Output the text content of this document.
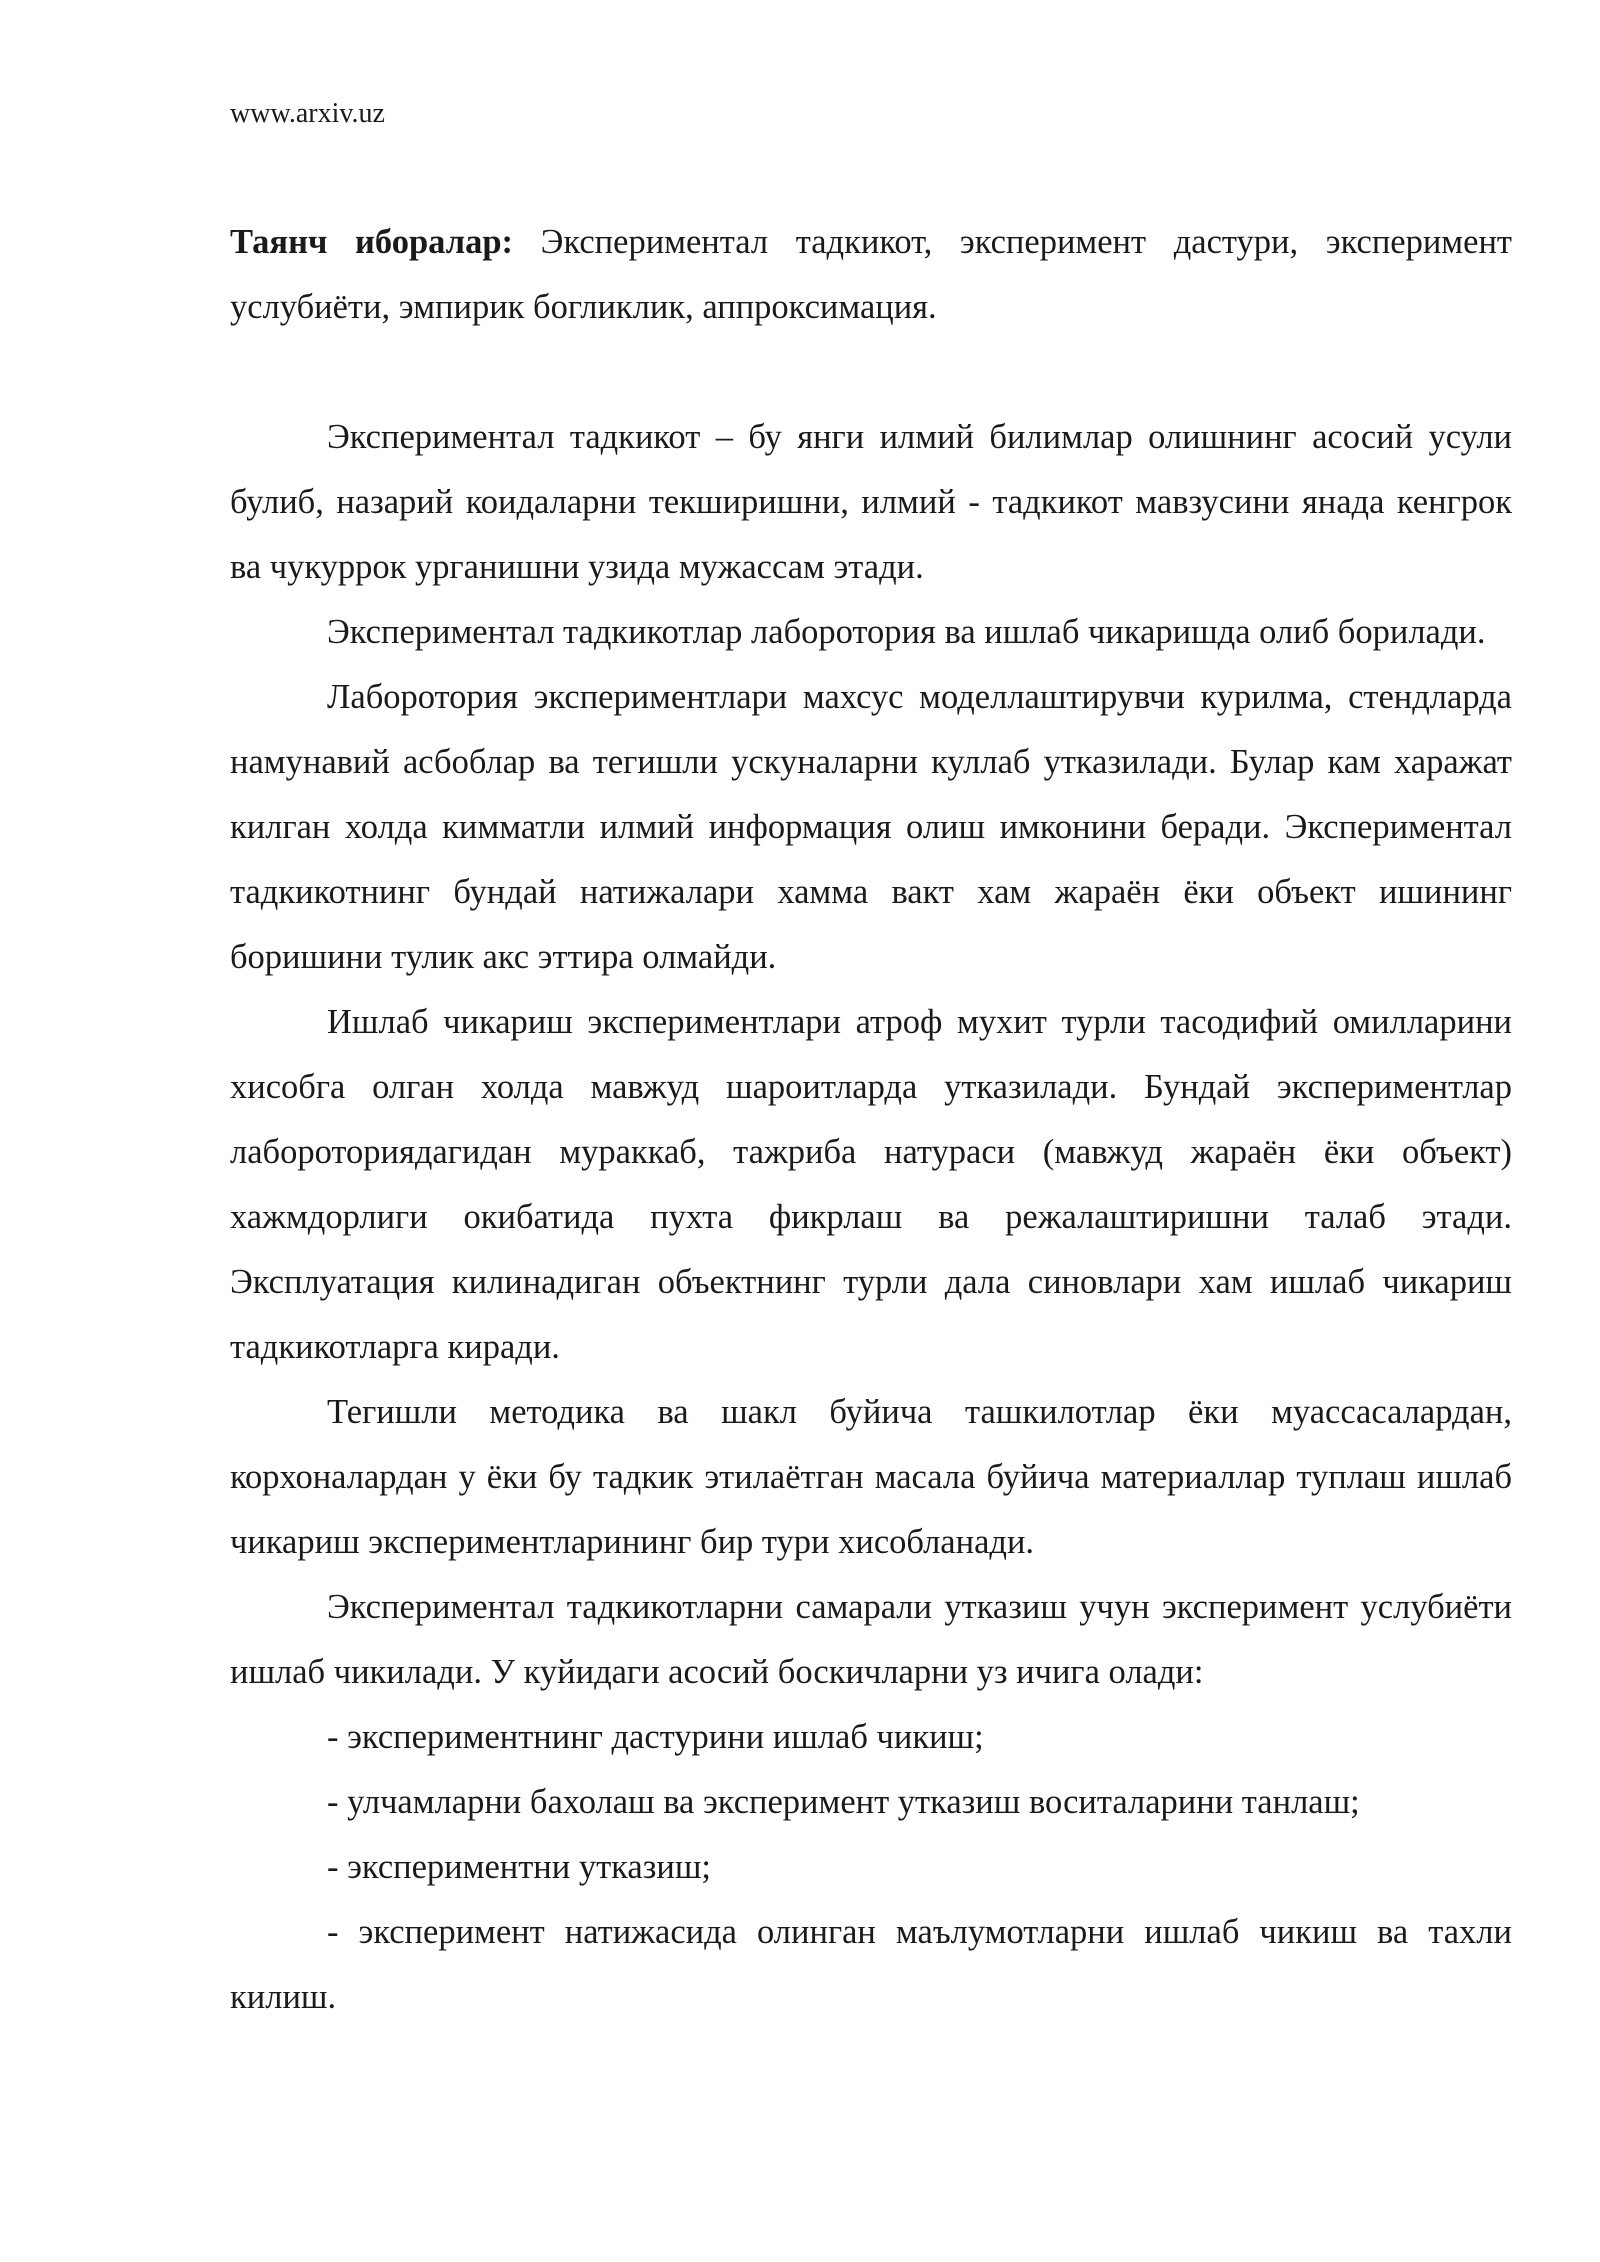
www.arxiv.uz

Таянч иборалар: Экспериментал тадкикот, эксперимент дастури, эксперимент услубиёти, эмпирик богликлик, аппроксимация.

Экспериментал тадкикот – бу янги илмий билимлар олишнинг асосий усули булиб, назарий коидаларни текширишни, илмий - тадкикот мавзусини янада кенгрок ва чукуррок урганишни узида мужассам этади.

Экспериментал тадкикотлар лаборотория ва ишлаб чикаришда олиб борилади.

Лаборотория экспериментлари махсус моделлаштирувчи курилма, стендларда намунавий асбоблар ва тегишли ускуналарни куллаб утказилади. Булар кам харажат килган холда кимматли илмий информация олиш имконини беради. Экспериментал тадкикотнинг бундай натижалари хамма вакт хам жараён ёки объект ишининг боришини тулик акс эттира олмайди.

Ишлаб чикариш экспериментлари атроф мухит турли тасодифий омилларини хисобга олган холда мавжуд шароитларда утказилади. Бундай экспериментлар лабороториядагидан мураккаб, тажриба натураси (мавжуд жараён ёки объект) хажмдорлиги окибатида пухта фикрлаш ва режалаштиришни талаб этади. Эксплуатация килинадиган объектнинг турли дала синовлари хам ишлаб чикариш тадкикотларга киради.

Тегишли методика ва шакл буйича ташкилотлар ёки муассасалардан, корхоналардан у ёки бу тадкик этилаётган масала буйича материаллар туплаш ишлаб чикариш экспериментларининг бир тури хисобланади.

Экспериментал тадкикотларни самарали утказиш учун эксперимент услубиёти ишлаб чикилади. У куйидаги асосий боскичларни уз ичига олади:

- экспериментнинг дастурини ишлаб чикиш;

- улчамларни бахолаш ва эксперимент утказиш воситаларини танлаш;

- экспериментни утказиш;

- эксперимент натижасида олинган маълумотларни ишлаб чикиш ва тахли килиш.
